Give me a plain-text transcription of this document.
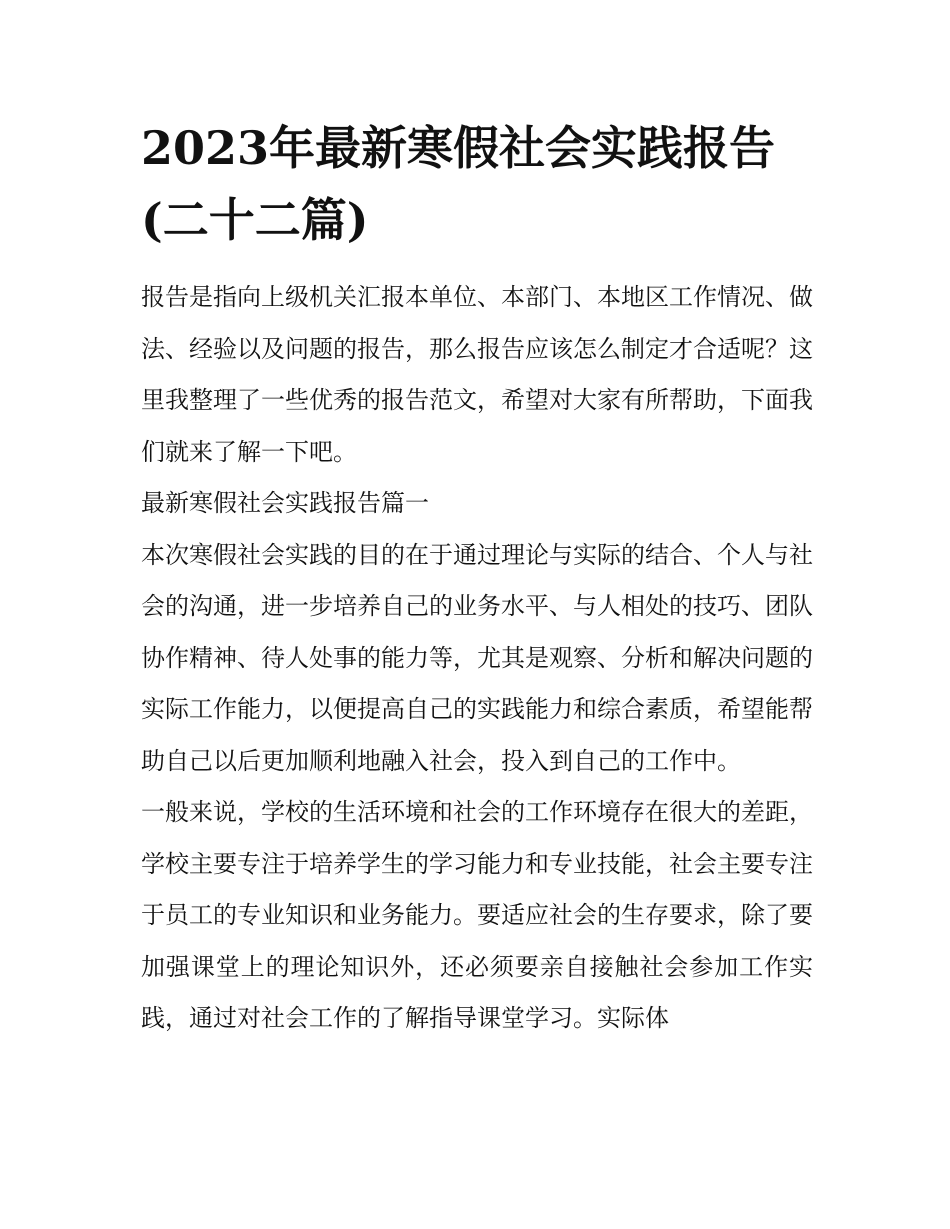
2023年最新寒假社会实践报告(二十二篇)

报告是指向上级机关汇报本单位、本部门、本地区工作情况、做法、经验以及问题的报告，那么报告应该怎么制定才合适呢？这里我整理了一些优秀的报告范文，希望对大家有所帮助，下面我们就来了解一下吧。

最新寒假社会实践报告篇一

本次寒假社会实践的目的在于通过理论与实际的结合、个人与社会的沟通，进一步培养自己的业务水平、与人相处的技巧、团队协作精神、待人处事的能力等，尤其是观察、分析和解决问题的实际工作能力，以便提高自己的实践能力和综合素质，希望能帮助自己以后更加顺利地融入社会，投入到自己的工作中。

一般来说，学校的生活环境和社会的工作环境存在很大的差距，学校主要专注于培养学生的学习能力和专业技能，社会主要专注于员工的专业知识和业务能力。要适应社会的生存要求，除了要加强课堂上的理论知识外，还必须要亲自接触社会参加工作实践，通过对社会工作的了解指导课堂学习。实际体
